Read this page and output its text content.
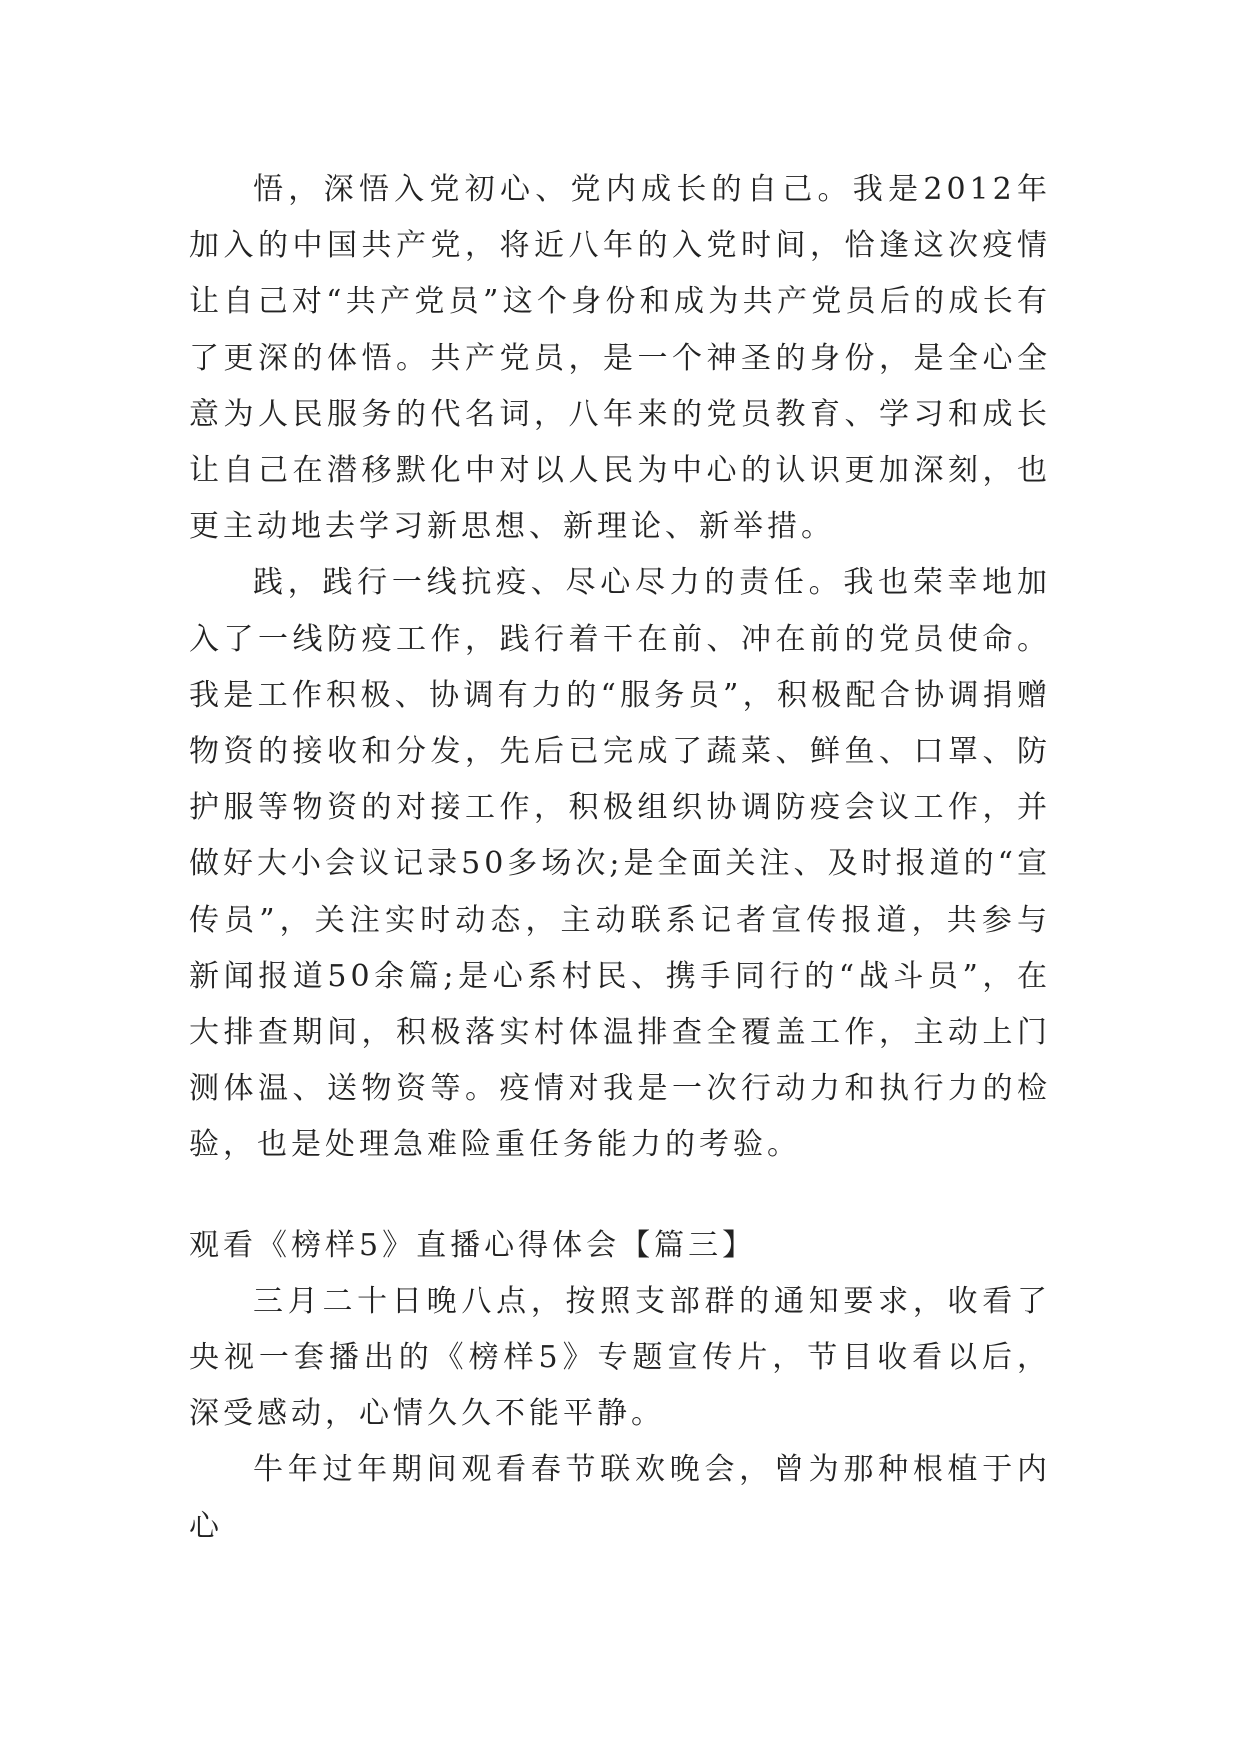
悟，深悟入党初心、党内成长的自己。我是2012年加入的中国共产党，将近八年的入党时间，恰逢这次疫情让自己对“共产党员”这个身份和成为共产党员后的成长有了更深的体悟。共产党员，是一个神圣的身份，是全心全意为人民服务的代名词，八年来的党员教育、学习和成长让自己在潜移默化中对以人民为中心的认识更加深刻，也更主动地去学习新思想、新理论、新举措。

践，践行一线抗疫、尽心尽力的责任。我也荣幸地加入了一线防疫工作，践行着干在前、冲在前的党员使命。我是工作积极、协调有力的“服务员”，积极配合协调捐赠物资的接收和分发，先后已完成了蔬菜、鲜鱼、口罩、防护服等物资的对接工作，积极组织协调防疫会议工作，并做好大小会议记录50多场次;是全面关注、及时报道的“宣传员”，关注实时动态，主动联系记者宣传报道，共参与新闻报道50余篇;是心系村民、携手同行的“战斗员”，在大排查期间，积极落实村体温排查全覆盖工作，主动上门测体温、送物资等。疫情对我是一次行动力和执行力的检验，也是处理急难险重任务能力的考验。

观看《榜样5》直播心得体会【篇三】

三月二十日晚八点，按照支部群的通知要求，收看了央视一套播出的《榜样5》专题宣传片，节目收看以后，深受感动，心情久久不能平静。

牛年过年期间观看春节联欢晚会，曾为那种根植于内心
